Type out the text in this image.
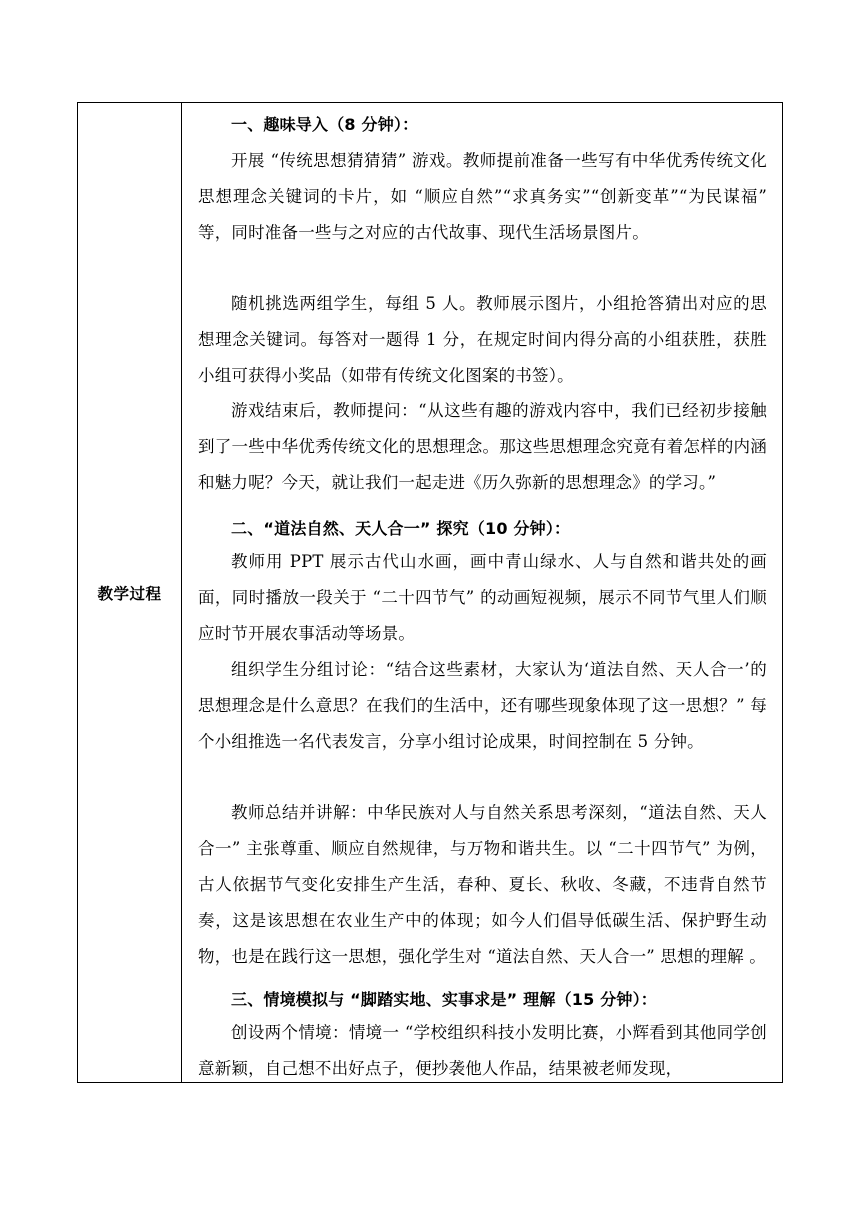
教学过程

一、趣味导入（8 分钟）：

开展 “传统思想猜猜猜” 游戏。教师提前准备一些写有中华优秀传统文化思想理念关键词的卡片，如 “顺应自然”“求真务实”“创新变革”“为民谋福” 等，同时准备一些与之对应的古代故事、现代生活场景图片。

随机挑选两组学生，每组 5 人。教师展示图片，小组抢答猜出对应的思想理念关键词。每答对一题得 1 分，在规定时间内得分高的小组获胜，获胜小组可获得小奖品（如带有传统文化图案的书签）。

游戏结束后，教师提问：“从这些有趣的游戏内容中，我们已经初步接触到了一些中华优秀传统文化的思想理念。那这些思想理念究竟有着怎样的内涵和魅力呢？今天，就让我们一起走进《历久弥新的思想理念》的学习。”

二、“道法自然、天人合一” 探究（10 分钟）：

教师用 PPT 展示古代山水画，画中青山绿水、人与自然和谐共处的画面，同时播放一段关于 “二十四节气” 的动画短视频，展示不同节气里人们顺应时节开展农事活动等场景。

组织学生分组讨论：“结合这些素材，大家认为‘道法自然、天人合一’的思想理念是什么意思？在我们的生活中，还有哪些现象体现了这一思想？” 每个小组推选一名代表发言，分享小组讨论成果，时间控制在 5 分钟。

教师总结并讲解：中华民族对人与自然关系思考深刻，“道法自然、天人合一” 主张尊重、顺应自然规律，与万物和谐共生。以 “二十四节气” 为例，古人依据节气变化安排生产生活，春种、夏长、秋收、冬藏，不违背自然节奏，这是该思想在农业生产中的体现；如今人们倡导低碳生活、保护野生动物，也是在践行这一思想，强化学生对 “道法自然、天人合一” 思想的理解 。

三、情境模拟与 “脚踏实地、实事求是” 理解（15 分钟）：

创设两个情境：情境一 “学校组织科技小发明比赛，小辉看到其他同学创意新颖，自己想不出好点子，便抄袭他人作品，结果被老师发现，
